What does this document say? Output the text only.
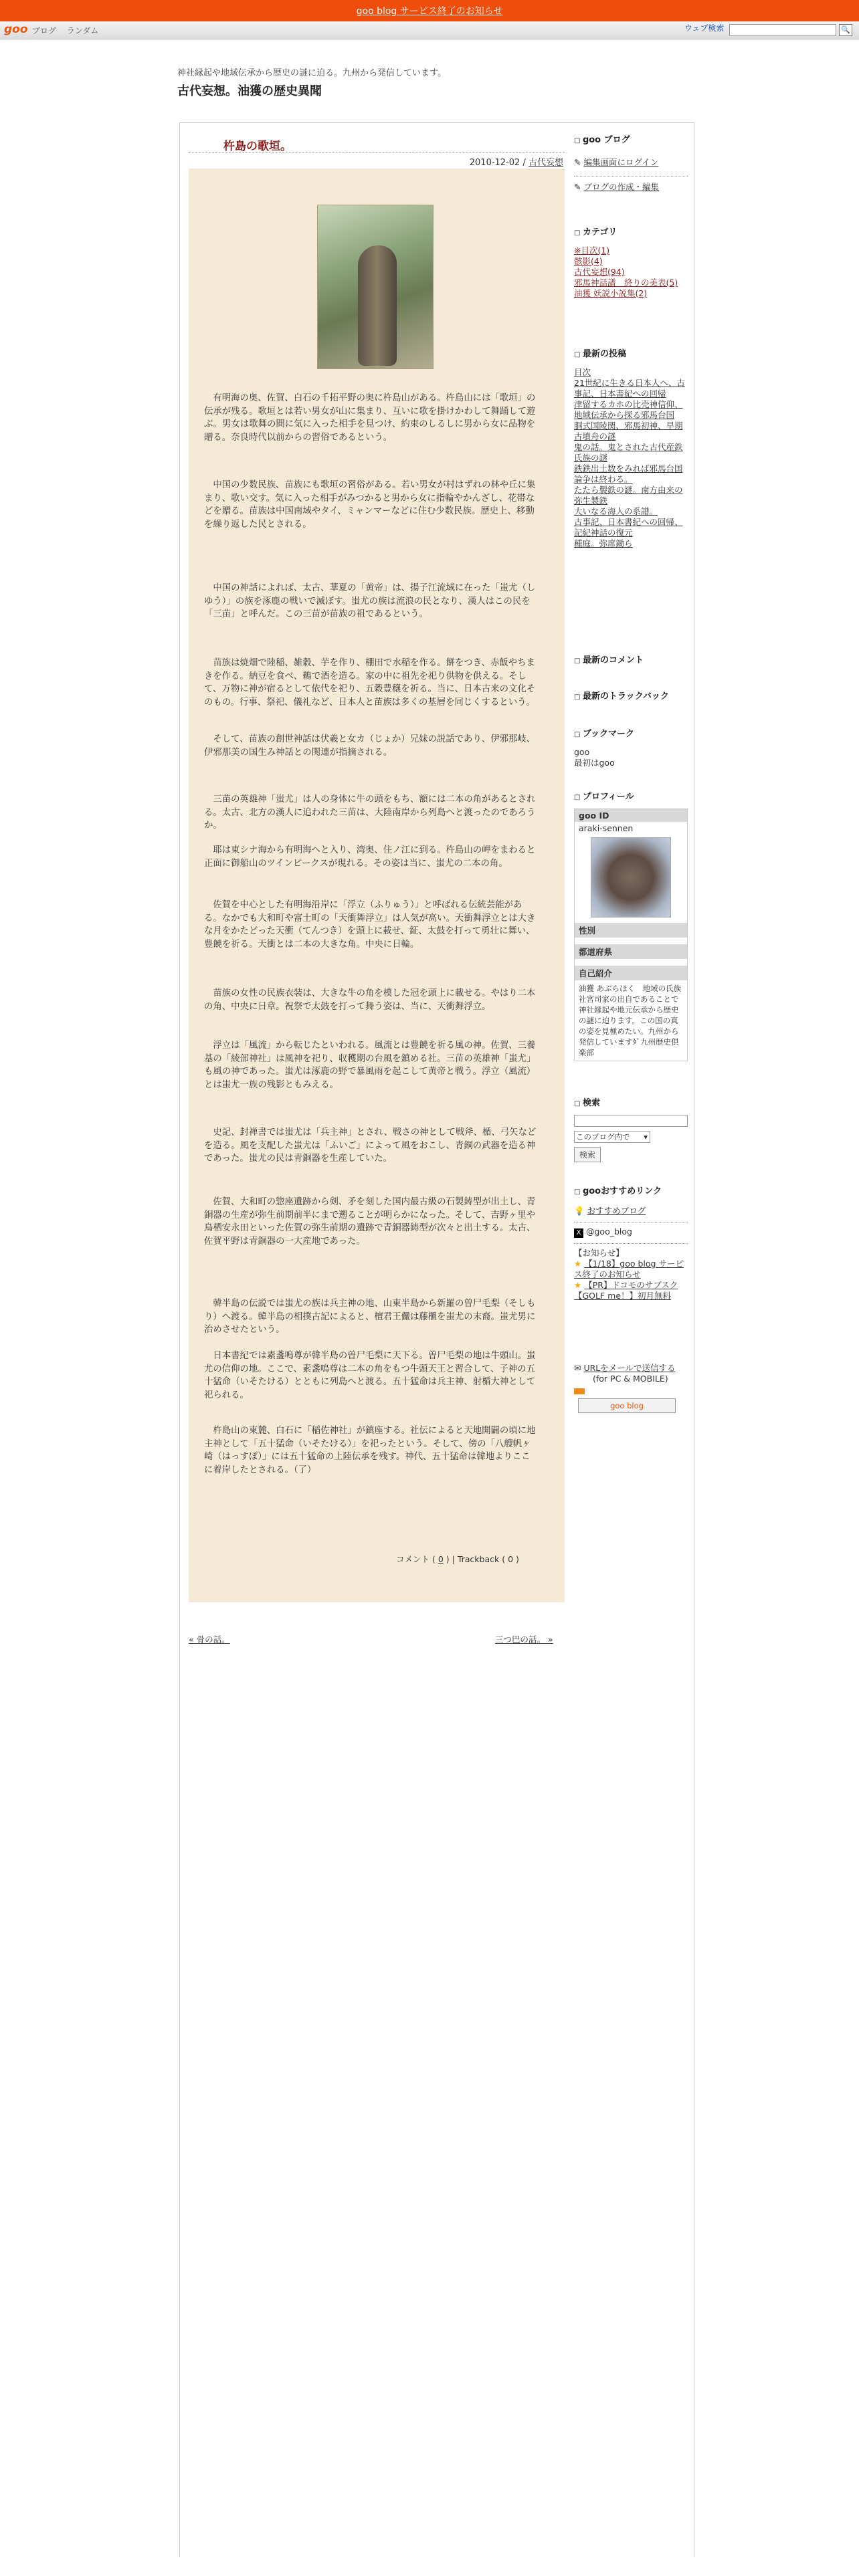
goo blog サービス終了のお知らせ
goo ブログ ランダム	ウェブ検索	🔍
神社縁起や地域伝承から歴史の謎に迫る。九州から発信しています。
古代妄想。油獲の歴史異聞
杵島の歌垣。
2010-12-02 / 古代妄想
　有明海の奥、佐賀、白石の千拓平野の奥に杵島山がある。杵島山には「歌垣」の伝承が残る。歌垣とは若い男女が山に集まり、互いに歌を掛けかわして舞踊して遊ぶ。男女は歌舞の間に気に入った相手を見つけ、約束のしるしに男から女に品物を贈る。奈良時代以前からの習俗であるという。
　中国の少数民族、苗族にも歌垣の習俗がある。若い男女が村はずれの林や丘に集まり、歌い交す。気に入った相手がみつかると男から女に指輪やかんざし、花帯などを贈る。苗族は中国南域やタイ、ミャンマーなどに住む少数民族。歴史上、移動を繰り返した民とされる。
　中国の神話によれば、太古、華夏の「黄帝」は、揚子江流域に在った「蚩尤（しゆう）」の族を涿鹿の戦いで滅ぼす。蚩尤の族は流浪の民となり、漢人はこの民を「三苗」と呼んだ。この三苗が苗族の祖であるという。
　苗族は焼畑で陸稲、雑穀、芋を作り、棚田で水稲を作る。餅をつき、赤飯やちまきを作る。納豆を食べ、鵜で酒を造る。家の中に祖先を祀り供物を供える。そして、万物に神が宿るとして依代を祀り、五穀豊穣を祈る。当に、日本古来の文化そのもの。行事、祭祀、儀礼など、日本人と苗族は多くの基層を同じくするという。
　そして、苗族の創世神話は伏羲と女カ（じょか）兄妹の説話であり、伊邪那岐、伊邪那美の国生み神話との関連が指摘される。
　三苗の英雄神「蚩尤」は人の身体に牛の頭をもち、額には二本の角があるとされる。太古、北方の漢人に追われた三苗は、大陸南岸から列島へと渡ったのであろうか。
　耶は東シナ海から有明海へと入り、湾奥、住ノ江に到る。杵島山の岬をまわると正面に御船山のツインピークスが現れる。その姿は当に、蚩尤の二本の角。
　佐賀を中心とした有明海沿岸に「浮立（ふりゅう）」と呼ばれる伝統芸能がある。なかでも大和町や富士町の「天衝舞浮立」は人気が高い。天衝舞浮立とは大きな月をかたどった天衝（てんつき）を頭上に載せ、鉦、太鼓を打って勇壮に舞い、豊饒を祈る。天衝とは二本の大きな角。中央に日輪。
　苗族の女性の民族衣装は、大きな牛の角を模した冠を頭上に載せる。やはり二本の角、中央に日章。祝祭で太鼓を打って舞う姿は、当に、天衝舞浮立。
　浮立は「風流」から転じたといわれる。風流とは豊饒を祈る風の神。佐賀、三養基の「綾部神社」は風神を祀り、収穫期の台風を鎮める社。三苗の英雄神「蚩尤」も風の神であった。蚩尤は涿鹿の野で暴風雨を起こして黄帝と戦う。浮立（風流）とは蚩尤一族の残影ともみえる。
　史記、封禅書では蚩尤は「兵主神」とされ、戦さの神として戦斧、楯、弓矢などを造る。風を支配した蚩尤は「ふいご」によって風をおこし、青銅の武器を造る神であった。蚩尤の民は青銅器を生産していた。
　佐賀、大和町の惣座遺跡から剣、矛を刻した国内最古級の石製鋳型が出土し、青銅器の生産が弥生前期前半にまで遡ることが明らかになった。そして、吉野ヶ里や鳥栖安永田といった佐賀の弥生前期の遺跡で青銅器鋳型が次々と出土する。太古、佐賀平野は青銅器の一大産地であった。
　韓半島の伝説では蚩尤の族は兵主神の地、山東半島から新羅の曽尸毛梨（そしもり）へ渡る。韓半島の相撲古記によると、檀君王儼は藤櫃を蚩尤の末裔。蚩尤男に治めさせたという。
　日本書紀では素盞嗚尊が韓半島の曽尸毛梨に天下る。曽尸毛梨の地は牛頭山。蚩尤の信仰の地。ここで、素盞嗚尊は二本の角をもつ牛頭天王と習合して、子神の五十猛命（いそたける）とともに列島へと渡る。五十猛命は兵主神、射楯大神として祀られる。
　杵島山の東麓、白石に「稲佐神社」が鎮座する。社伝によると天地開闢の頃に地主神として「五十猛命（いそたける）」を祀ったという。そして、傍の「八艘帆ヶ崎（はっすぽ）」には五十猛命の上陸伝承を残す。神代、五十猛命は韓地よりここに着岸したとされる。（了）
コメント ( 0 ) | Trackback ( 0 )
« 骨の話。	三つ巴の話。 »
□ goo ブログ
✎ 編集画面にログイン
✎ ブログの作成・編集
□ カテゴリ
※目次(1)
骸影(4)
古代妄想(94)
邪馬神話譜　終りの美表(5)
油獲 妖説小説集(2)
□ 最新の投稿
目次
21世紀に生きる日本人へ、古事記、日本書紀への回帰
津留するカホの比売神信仰、地域伝承から探る邪馬台国
胴式国陵関、邪馬初神、早期古墳舟の謎
鬼の話。鬼とされた古代産鉄氏族の謎
鉄鉄出土数をみれば邪馬台国論争は終わる。
たたら製鉄の謎。南方由来の弥生製鉄
大いなる海人の系譜。
古事記、日本書紀への回帰、記紀神話の復元
種庭。弥席鋤ら
□ 最新のコメント
□ 最新のトラックバック
□ ブックマーク
goo
最初はgoo
□ プロフィール
goo ID
araki-sennen
性別
都道府県
自己紹介
油獲 あぶらほく　地域の氏族社宮司家の出自であることで神社縁起や地元伝承から歴史の謎に迫ります。この国の真の姿を見極めたい。九州から発信していますﾀﾞ九州歴史倶楽部
□ 検索
このブログ内で ▾
検索
□ gooおすすめリンク
💡 おすすめブログ
X @goo_blog
【お知らせ】
★ 【1/18】goo blog サービス終了のお知らせ
★ 【PR】ドコモのサブスク【GOLF me！】初月無料
✉ URLをメールで送信する
(for PC & MOBILE)
goo blog
